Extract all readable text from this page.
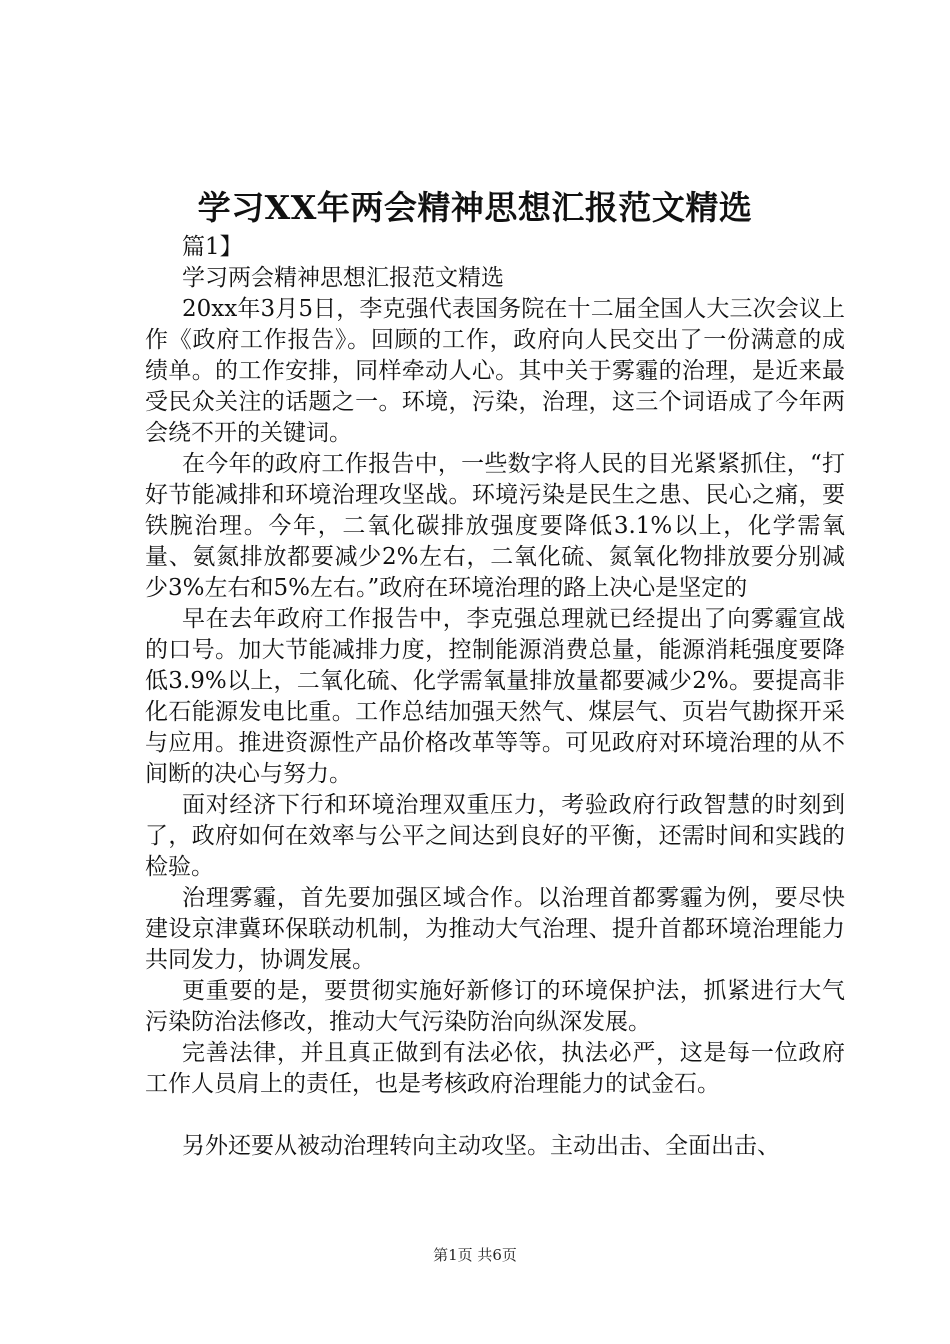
学习XX年两会精神思想汇报范文精选

篇1】

学习两会精神思想汇报范文精选

20xx年3月5日，李克强代表国务院在十二届全国人大三次会议上作《政府工作报告》。回顾的工作，政府向人民交出了一份满意的成绩单。的工作安排，同样牵动人心。其中关于雾霾的治理，是近来最受民众关注的话题之一。环境，污染，治理，这三个词语成了今年两会绕不开的关键词。

在今年的政府工作报告中，一些数字将人民的目光紧紧抓住，“打好节能减排和环境治理攻坚战。环境污染是民生之患、民心之痛，要铁腕治理。今年，二氧化碳排放强度要降低3.1%以上，化学需氧量、氨氮排放都要减少2%左右，二氧化硫、氮氧化物排放要分别减少3%左右和5%左右。”政府在环境治理的路上决心是坚定的

早在去年政府工作报告中，李克强总理就已经提出了向雾霾宣战的口号。加大节能减排力度，控制能源消费总量，能源消耗强度要降低3.9%以上，二氧化硫、化学需氧量排放量都要减少2%。要提高非化石能源发电比重。工作总结加强天然气、煤层气、页岩气勘探开采与应用。推进资源性产品价格改革等等。可见政府对环境治理的从不间断的决心与努力。

面对经济下行和环境治理双重压力，考验政府行政智慧的时刻到了，政府如何在效率与公平之间达到良好的平衡，还需时间和实践的检验。

治理雾霾，首先要加强区域合作。以治理首都雾霾为例，要尽快建设京津冀环保联动机制，为推动大气治理、提升首都环境治理能力共同发力，协调发展。

更重要的是，要贯彻实施好新修订的环境保护法，抓紧进行大气污染防治法修改，推动大气污染防治向纵深发展。

完善法律，并且真正做到有法必依，执法必严，这是每一位政府工作人员肩上的责任，也是考核政府治理能力的试金石。

另外还要从被动治理转向主动攻坚。主动出击、全面出击、

第1页 共6页
